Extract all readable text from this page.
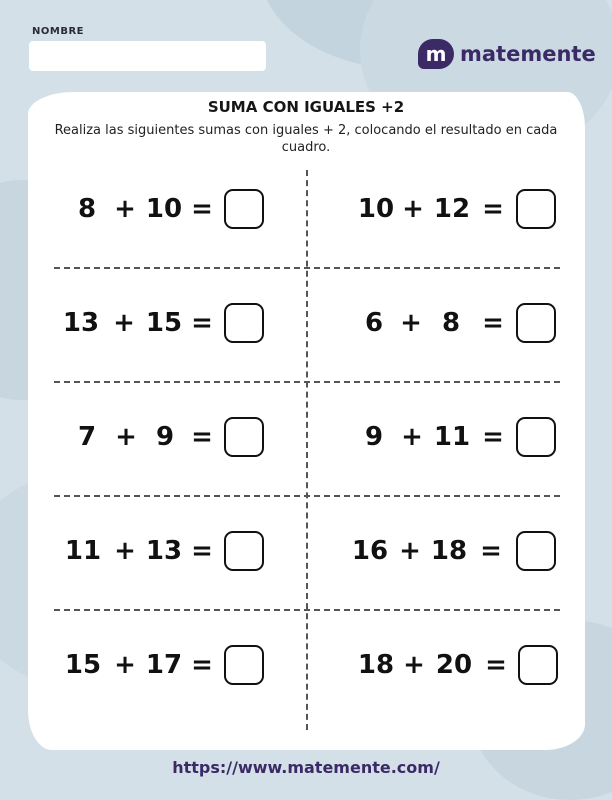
NOMBRE
m matemente
SUMA CON IGUALES +2
Realiza las siguientes sumas con iguales + 2, colocando el resultado en cada cuadro.
8 + 10 =	10 + 12 =
13 + 15 =	6 + 8 =
7 + 9 =	9 + 11 =
11 + 13 =	16 + 18 =
15 + 17 =	18 + 20 =
https://www.matemente.com/
